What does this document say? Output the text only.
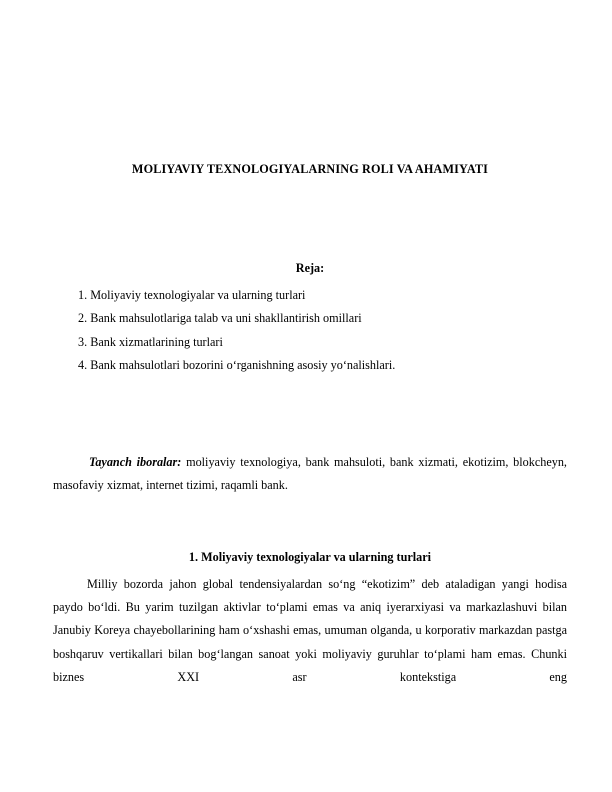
MOLIYAVIY TEXNOLOGIYALARNING ROLI VA AHAMIYATI
Reja:
1. Moliyaviy texnologiyalar va ularning turlari
2. Bank mahsulotlariga talab va uni shakllantirish omillari
3. Bank xizmatlarining turlari
4. Bank mahsulotlari bozorini o‘rganishning asosiy yo‘nalishlari.

Tayanch iboralar: moliyaviy texnologiya, bank mahsuloti, bank xizmati, ekotizim, blokcheyn, masofaviy xizmat, internet tizimi, raqamli bank.

1. Moliyaviy texnologiyalar va ularning turlari

Milliy bozorda jahon global tendensiyalardan so‘ng “ekotizim” deb ataladigan yangi hodisa paydo bo‘ldi. Bu yarim tuzilgan aktivlar to‘plami emas va aniq iyerarxiyasi va markazlashuvi bilan Janubiy Koreya chayebollarining ham o‘xshashi emas, umuman olganda, u korporativ markazdan pastga boshqaruv vertikallari bilan bog‘langan sanoat yoki moliyaviy guruhlar to‘plami ham emas. Chunki biznes XXI asr kontekstiga eng
